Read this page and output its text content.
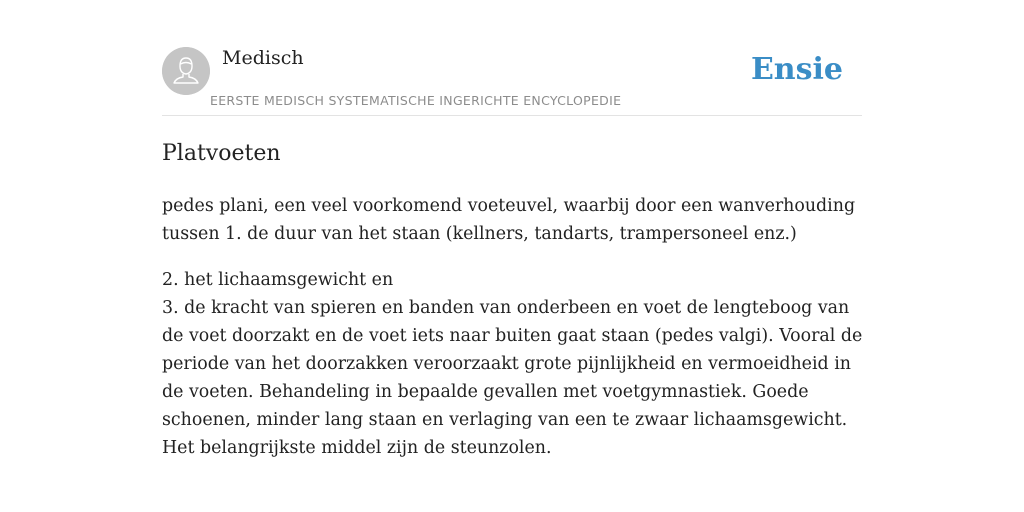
Medisch
EERSTE MEDISCH SYSTEMATISCHE INGERICHTE ENCYCLOPEDIE
Ensie
Platvoeten

pedes plani, een veel voorkomend voeteuvel, waarbij door een wanverhouding tussen 1. de duur van het staan (kellners, tandarts, trampersoneel enz.)

2. het lichaamsgewicht en
3. de kracht van spieren en banden van onderbeen en voet de lengteboog van de voet doorzakt en de voet iets naar buiten gaat staan (pedes valgi). Vooral de periode van het doorzakken veroorzaakt grote pijnlijkheid en vermoeidheid in de voeten. Behandeling in bepaalde gevallen met voetgymnastiek. Goede schoenen, minder lang staan en verlaging van een te zwaar lichaamsgewicht. Het belangrijkste middel zijn de steunzolen.
